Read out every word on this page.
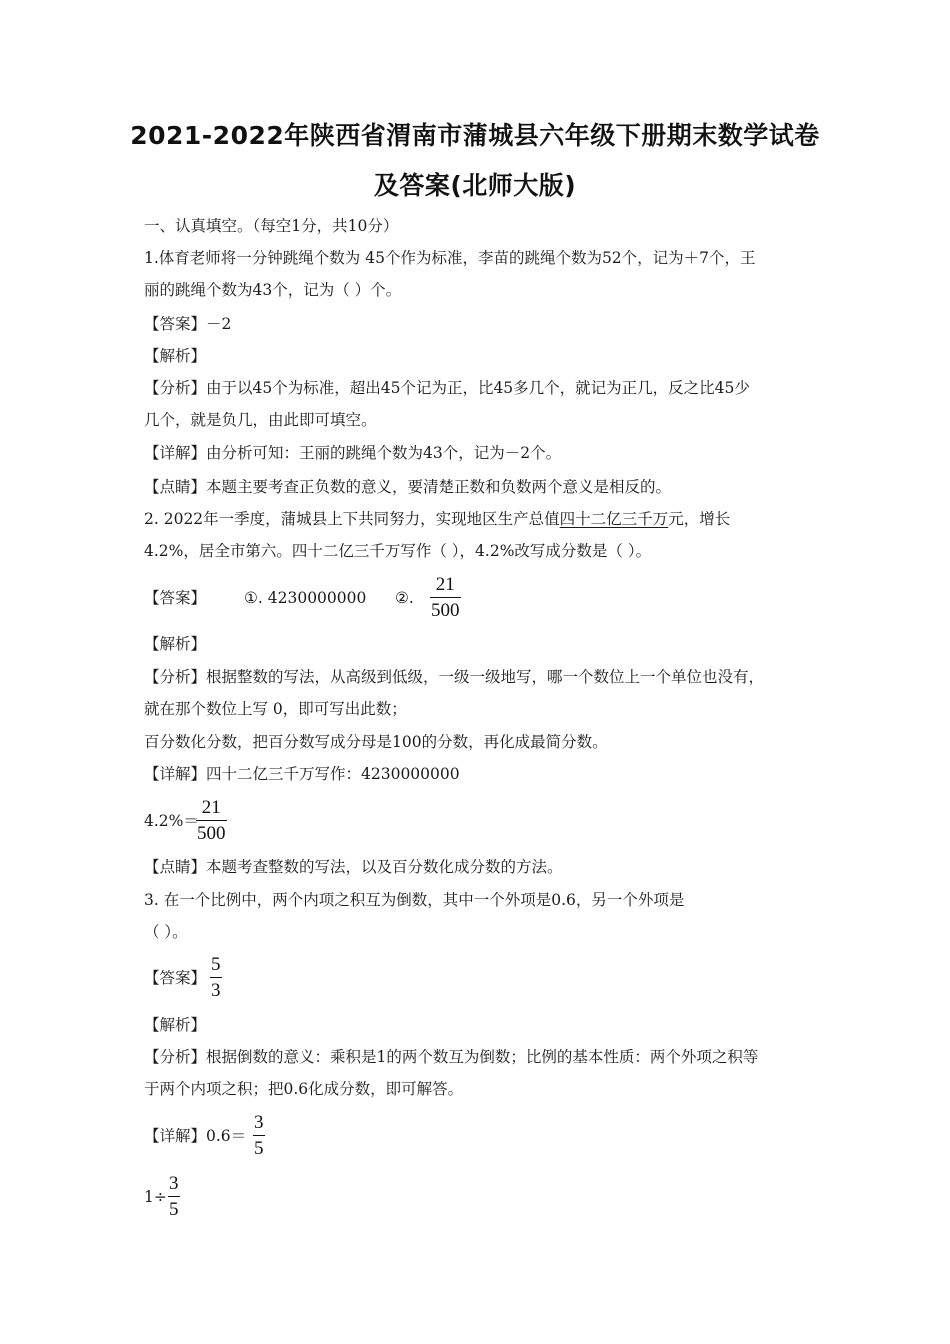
2021-2022年陕西省渭南市蒲城县六年级下册期末数学试卷
及答案(北师大版)
一、认真填空。（每空1分，共10分）
1.体育老师将一分钟跳绳个数为 45个作为标准，李苗的跳绳个数为52个，记为＋7个，王
丽的跳绳个数为43个，记为（ ）个。
【答案】－2
【解析】
【分析】由于以45个为标准，超出45个记为正，比45多几个，就记为正几，反之比45少
几个，就是负几，由此即可填空。
【详解】由分析可知：王丽的跳绳个数为43个，记为－2个。
【点睛】本题主要考查正负数的意义，要清楚正数和负数两个意义是相反的。
2. 2022年一季度，蒲城县上下共同努力，实现地区生产总值四十二亿三千万元，增长
4.2%，居全市第六。四十二亿三千万写作（ ），4.2%改写成分数是（ ）。
【答案】 ①. 4230000000 ②.
21
500
【解析】
【分析】根据整数的写法，从高级到低级，一级一级地写，哪一个数位上一个单位也没有，
就在那个数位上写 0，即可写出此数；
百分数化分数，把百分数写成分母是100的分数，再化成最简分数。
【详解】四十二亿三千万写作：4230000000
4.2%＝
21
500
【点睛】本题考查整数的写法，以及百分数化成分数的方法。
3. 在一个比例中，两个内项之积互为倒数，其中一个外项是0.6，另一个外项是
（ ）。
【答案】
5
3
【解析】
【分析】根据倒数的意义：乘积是1的两个数互为倒数；比例的基本性质：两个外项之积等
于两个内项之积；把0.6化成分数，即可解答。
【详解】0.6＝
3
5
1÷
3
5
